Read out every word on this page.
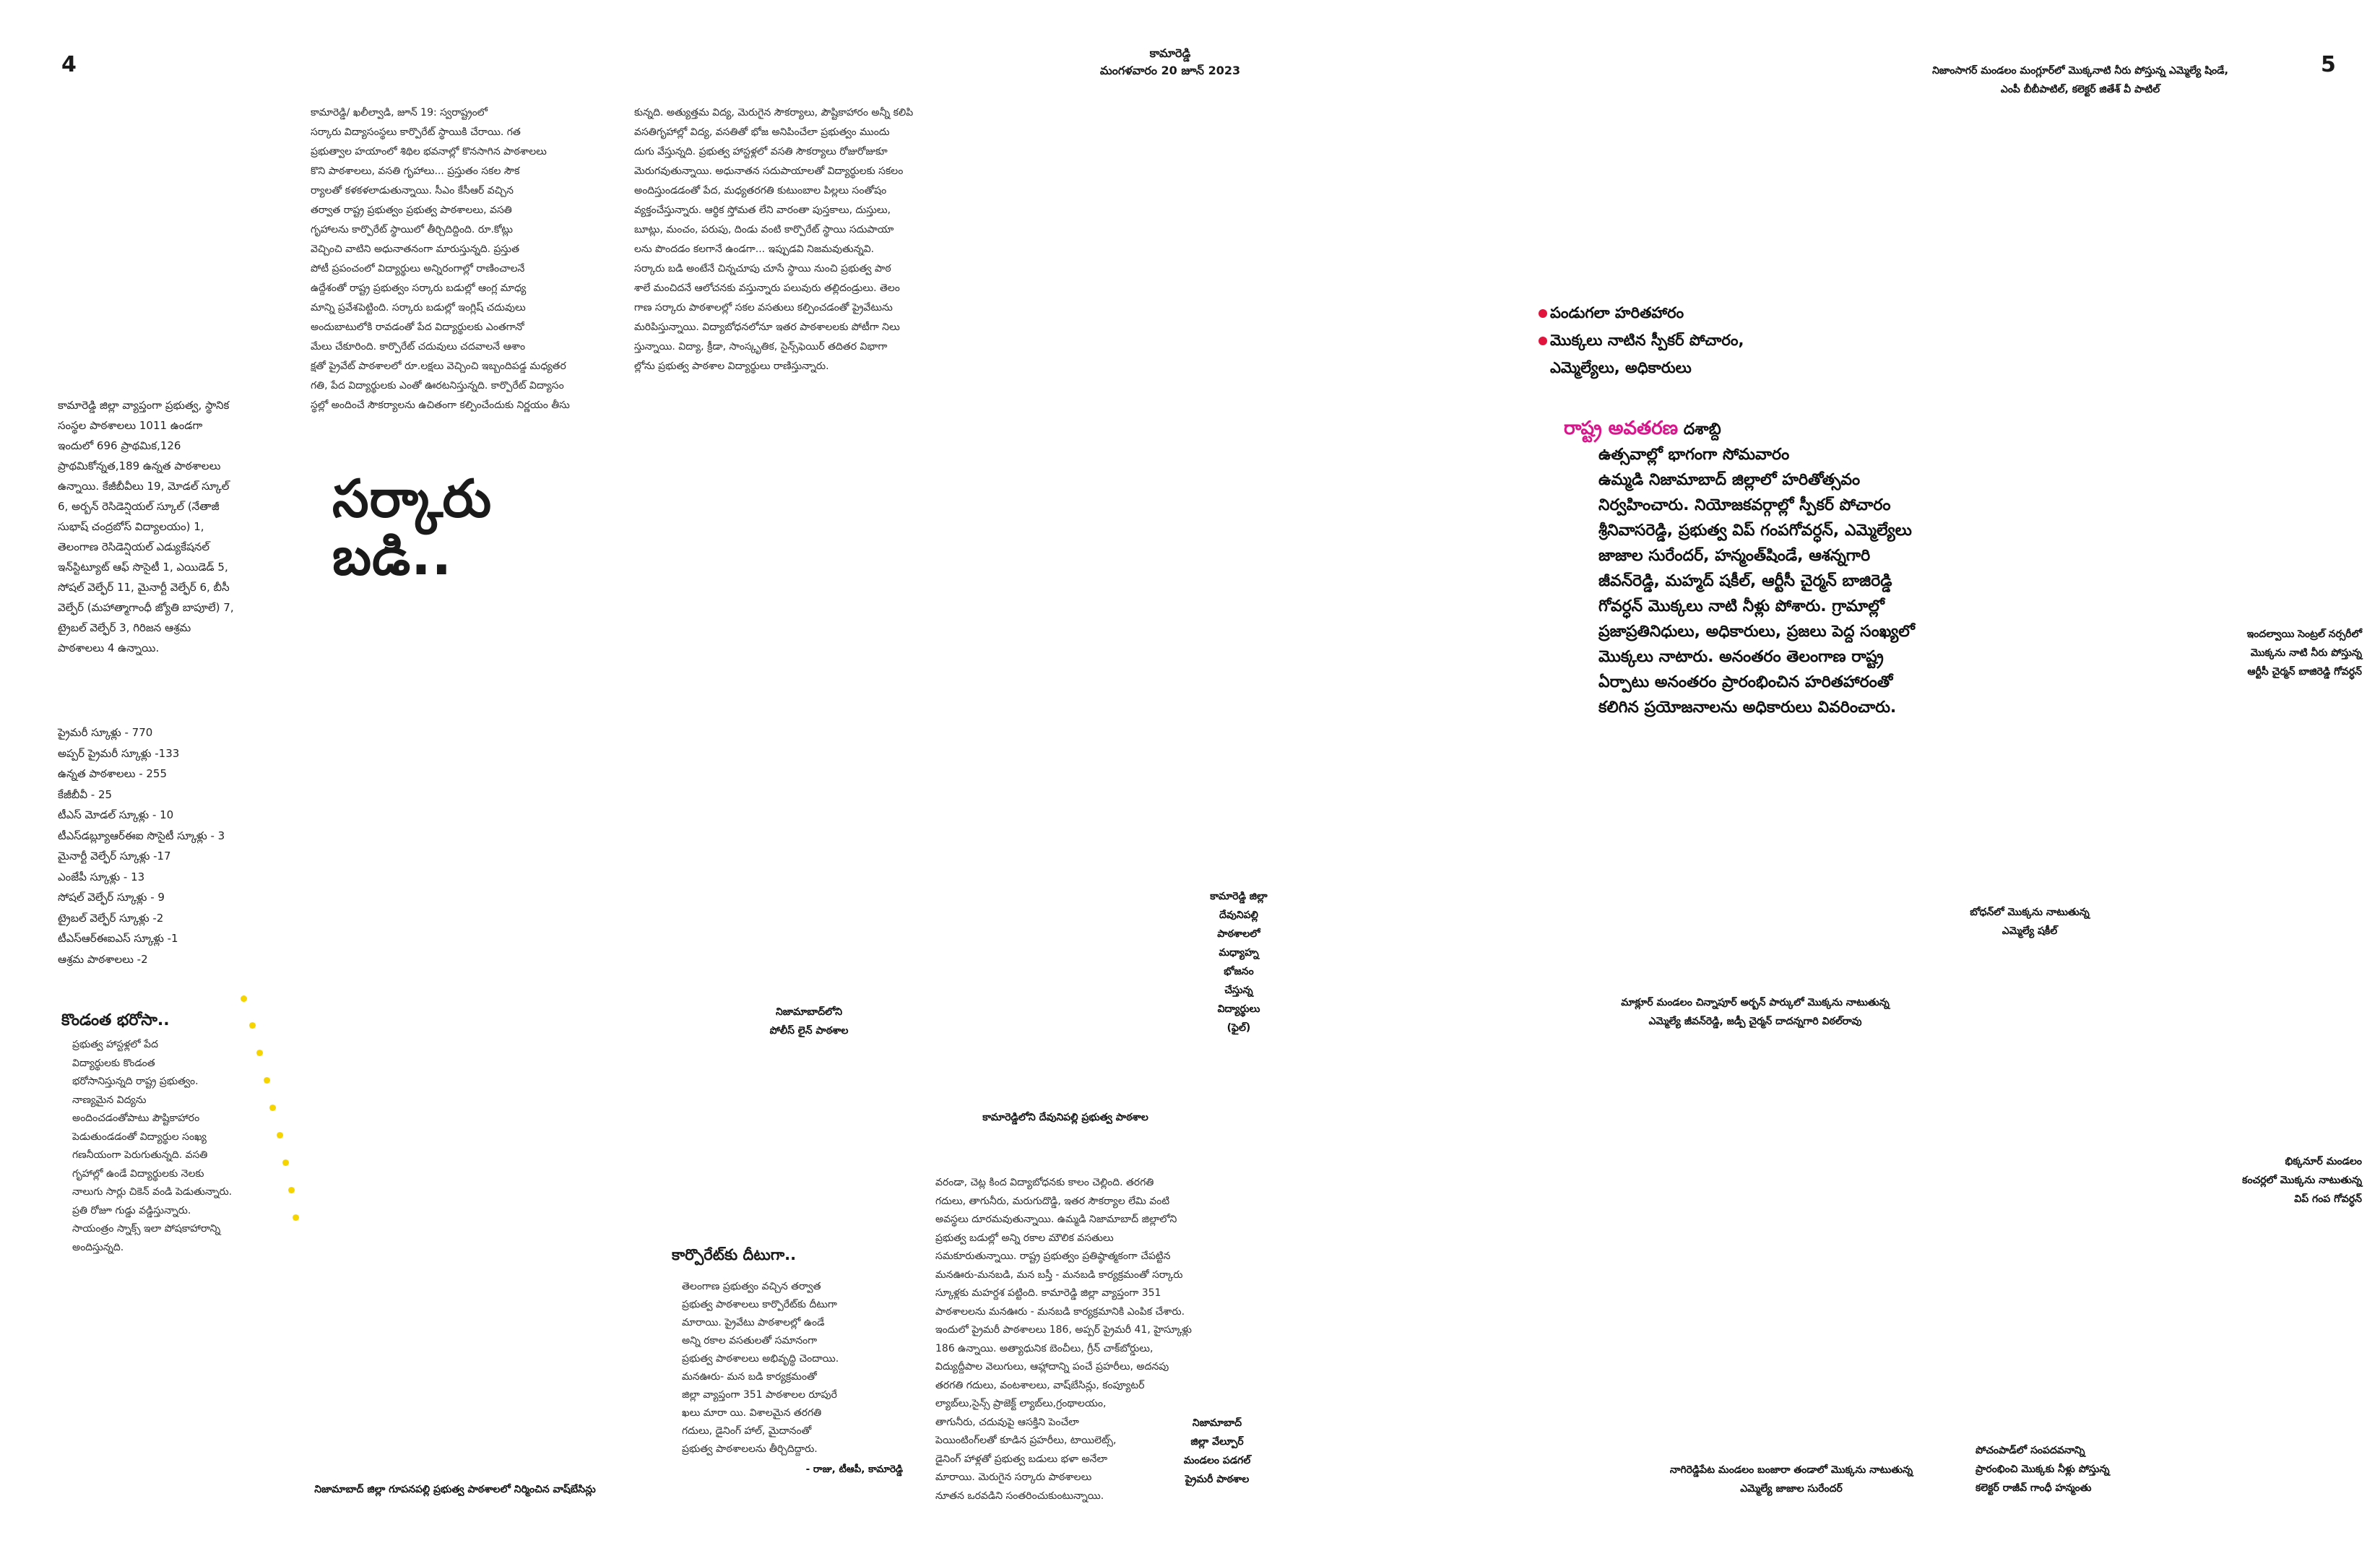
4	5
కామారెడ్డి
మంగళవారం 20 జూన్ 2023
కామారెడ్డి/ ఖలీల్వాడి, జూన్ 19: స్వరాష్ట్రంలో
సర్కారు విద్యాసంస్థలు కార్పొరేట్ స్థాయికి చేరాయి. గత
ప్రభుత్వాల హయాంలో శిథిల భవనాల్లో కొనసాగిన పాఠశాలలు
కొని పాఠశాలలు, వసతి గృహాలు... ప్రస్తుతం సకల సౌక
ర్యాలతో కళకళలాడుతున్నాయి. సీఎం కేసీఆర్ వచ్చిన
తర్వాత రాష్ట్ర ప్రభుత్వం ప్రభుత్వ పాఠశాలలు, వసతి
గృహాలను కార్పొరేట్ స్థాయిలో తీర్చిదిద్దింది. రూ.కోట్లు
వెచ్చించి వాటిని అధునాతనంగా మారుస్తున్నది. ప్రస్తుత
పోటీ ప్రపంచంలో విద్యార్థులు అన్నిరంగాల్లో రాణించాలనే
ఉద్దేశంతో రాష్ట్ర ప్రభుత్వం సర్కారు బడుల్లో ఆంగ్ల మాధ్య
మాన్ని ప్రవేశపెట్టింది. సర్కారు బడుల్లో ఇంగ్లిష్ చదువులు
అందుబాటులోకి రావడంతో పేద విద్యార్థులకు ఎంతగానో
మేలు చేకూరింది. కార్పొరేట్ చదువులు చదవాలనే ఆశాం
క్షతో ప్రైవేట్ పాఠశాలలో రూ.లక్షలు వెచ్చించి ఇబ్బందిపడ్డ మధ్యతర
గతి, పేద విద్యార్థులకు ఎంతో ఊరటనిస్తున్నది. కార్పొరేట్ విద్యాసం
స్థల్లో అందించే సౌకర్యాలను ఉచితంగా కల్పించేందుకు నిర్ణయం తీసు
కున్నది. అత్యుత్తమ విద్య, మెరుగైన సౌకర్యాలు, పౌష్టికాహారం అన్నీ కలిపి
వసతిగృహాల్లో విద్య, వసతితో భోజ అనిపించేలా ప్రభుత్వం ముందు
దుగు వేస్తున్నది. ప్రభుత్వ హాస్టళ్లలో వసతి సౌకర్యాలు రోజురోజుకూ
మెరుగవుతున్నాయి. అధునాతన సదుపాయాలతో విద్యార్థులకు సకలం
అందిస్తుండడంతో పేద, మధ్యతరగతి కుటుంబాల పిల్లలు సంతోషం
వ్యక్తంచేస్తున్నారు. ఆర్థిక స్తోమత లేని వారంతా పుస్తకాలు, దుస్తులు,
బూట్లు, మంచం, పరుపు, దిండు వంటి కార్పొరేట్ స్థాయి సదుపాయా
లను పొందడం కలగానే ఉండగా... ఇప్పుడవి నిజమవుతున్నవి.
సర్కారు బడి అంటేనే చిన్నచూపు చూసే స్థాయి నుంచి ప్రభుత్వ పాఠ
శాలే మంచిదనే ఆలోచనకు వస్తున్నారు పలువురు తల్లిదండ్రులు. తెలం
గాణ సర్కారు పాఠశాలల్లో సకల వసతులు కల్పించడంతో ప్రైవేటును
మరిపిస్తున్నాయి. విద్యాబోధనలోనూ ఇతర పాఠశాలలకు పోటీగా నిలు
స్తున్నాయి. విద్యా, క్రీడా, సాంస్కృతిక, సైన్స్‌ఫెయిర్ తదితర విభాగా
ల్లోను ప్రభుత్వ పాఠశాల విద్యార్థులు రాణిస్తున్నారు.
సర్కారు
బడి..
కామారెడ్డి జిల్లా వ్యాప్తంగా ప్రభుత్వ, స్థానిక
సంస్థల పాఠశాలలు 1011 ఉండగా
ఇందులో 696 ప్రాథమిక,126
ప్రాథమికోన్నత,189 ఉన్నత పాఠశాలలు
ఉన్నాయి. కేజీబీవీలు 19, మోడల్ స్కూల్
6, అర్బన్ రెసిడెన్షియల్ స్కూల్ (నేతాజీ
సుభాష్ చంద్రబోస్ విద్యాలయం) 1,
తెలంగాణ రెసిడెన్షియల్ ఎడ్యుకేషనల్
ఇన్‌స్టిట్యూట్ ఆఫ్ సొసైటీ 1, ఎయిడెడ్ 5,
సోషల్ వెల్ఫేర్ 11, మైనార్టీ వెల్ఫేర్ 6, బీసీ
వెల్ఫేర్ (మహాత్మాగాంధీ జ్యోతి బాపూలే) 7,
ట్రైబల్ వెల్ఫేర్ 3, గిరిజన ఆశ్రమ
పాఠశాలలు 4 ఉన్నాయి.
ప్రైమరీ స్కూళ్లు - 770
అప్పర్ ప్రైమరీ స్కూళ్లు -133
ఉన్నత పాఠశాలలు - 255
కేజీబీవీ - 25
టీఎస్ మోడల్ స్కూళ్లు - 10
టీఎస్‌డబ్ల్యూఆర్‌ఈఐ సొసైటీ స్కూళ్లు - 3
మైనార్టీ వెల్ఫేర్ స్కూళ్లు -17
ఎంజేపీ స్కూళ్లు - 13
సోషల్ వెల్ఫేర్ స్కూళ్లు - 9
ట్రైబల్ వెల్ఫేర్ స్కూళ్లు -2
టీఎస్‌ఆర్‌ఈఐఎస్ స్కూళ్లు -1
ఆశ్రమ పాఠశాలలు -2
కొండంత భరోసా..
ప్రభుత్వ హాస్టళ్లలో పేద
విద్యార్థులకు కొండంత
భరోసానిస్తున్నది రాష్ట్ర ప్రభుత్వం.
నాణ్యమైన విద్యను
అందించడంతోపాటు పౌష్టికాహారం
పెడుతుండడంతో విద్యార్థుల సంఖ్య
గణనీయంగా పెరుగుతున్నది. వసతి
గృహాల్లో ఉండే విద్యార్థులకు నెలకు
నాలుగు సార్లు చికెన్ వండి పెడుతున్నారు.
ప్రతి రోజూ గుడ్డు వడ్డిస్తున్నారు.
సాయంత్రం స్నాక్స్ ఇలా పోషకాహారాన్ని
అందిస్తున్నది.	కార్పొరేట్‌కు దీటుగా..
తెలంగాణ ప్రభుత్వం వచ్చిన తర్వాత
ప్రభుత్వ పాఠశాలలు కార్పొరేట్‌కు దీటుగా
మారాయి. ప్రైవేటు పాఠశాలల్లో ఉండే
అన్ని రకాల వసతులతో సమానంగా
ప్రభుత్వ పాఠశాలలు అభివృద్ధి చెందాయి.
మనఊరు- మన బడి కార్యక్రమంతో
జిల్లా వ్యాప్తంగా 351 పాఠశాలల రూపురే
ఖలు మారా యి. విశాలమైన తరగతి
గదులు, డైనింగ్ హాల్, మైదానంతో
ప్రభుత్వ పాఠశాలలను తీర్చిదిద్దారు.
- రాజు, టీఆపీ, కామారెడ్డి
వరండా, చెట్ల కింద విద్యాబోధనకు కాలం చెల్లింది. తరగతి
గదులు, తాగునీరు, మరుగుదొడ్డి, ఇతర సౌకర్యాల లేమి వంటి
అవస్థలు దూరమవుతున్నాయి. ఉమ్మడి నిజామాబాద్ జిల్లాలోని
ప్రభుత్వ బడుల్లో అన్ని రకాల మౌలిక వసతులు
సమకూరుతున్నాయి. రాష్ట్ర ప్రభుత్వం ప్రతిష్ఠాత్మకంగా చేపట్టిన
మనఊరు-మనబడి, మన బస్తీ - మనబడి కార్యక్రమంతో సర్కారు
స్కూళ్లకు మహర్దశ పట్టింది. కామారెడ్డి జిల్లా వ్యాప్తంగా 351
పాఠశాలలను మనఊరు - మనబడి కార్యక్రమానికి ఎంపిక చేశారు.
ఇందులో ప్రైమరీ పాఠశాలలు 186, అప్పర్ ప్రైమరీ 41, హైస్కూళ్లు
186 ఉన్నాయి. అత్యాధునిక బెంచీలు, గ్రీన్ చాక్‌బోర్డులు,
విద్యుద్దీపాల వెలుగులు, ఆహ్లాదాన్ని పంచే ప్రహరీలు, అదనపు
తరగతి గదులు, వంటశాలలు, వాష్‌బేసిన్లు, కంప్యూటర్
ల్యాబ్‌లు,సైన్స్ ప్రాజెక్ట్ ల్యాబ్‌లు,గ్రంథాలయం,
తాగునీరు, చదువుపై ఆసక్తిని పెంచేలా
పెయింటింగ్‌లతో కూడిన ప్రహరీలు, టాయిలెట్స్,
డైనింగ్ హాళ్లతో ప్రభుత్వ బడులు భళా అనేలా
మారాయి. మెరుగైన సర్కారు పాఠశాలలు
నూతన ఒరవడిని సంతరించుకుంటున్నాయి.
నిజామాబాద్‌లోని
పోలీస్ లైన్ పాఠశాల
కామారెడ్డి జిల్లా
దేవునిపల్లి
పాఠశాలలో
మధ్యాహ్న
భోజనం
చేస్తున్న
విద్యార్థులు
(ఫైల్)
కామారెడ్డిలోని దేవునిపల్లి ప్రభుత్వ పాఠశాల
నిజామాబాద్ జిల్లా గూపనపల్లి ప్రభుత్వ పాఠశాలలో నిర్మించిన వాష్‌బేసిన్లు
నిజామాబాద్
జిల్లా వేల్పూర్
మండలం పడగల్
ప్రైమరీ పాఠశాల
నిజాంసాగర్ మండలం మంగ్లూర్‌లో మొక్కనాటి నీరు పోస్తున్న ఎమ్మెల్యే షిండే,
ఎంపీ బీబీపాటిల్, కలెక్టర్ జితేశ్ వీ పాటిల్
పండుగలా హరితహారం
మొక్కలు నాటిన స్పీకర్ పోచారం,
ఎమ్మెల్యేలు, అధికారులు
రాష్ట్ర అవతరణ దశాబ్ది
ఉత్సవాల్లో భాగంగా సోమవారం
ఉమ్మడి నిజామాబాద్ జిల్లాలో హరితోత్సవం
నిర్వహించారు. నియోజకవర్గాల్లో స్పీకర్ పోచారం
శ్రీనివాసరెడ్డి, ప్రభుత్వ విప్ గంపగోవర్ధన్, ఎమ్మెల్యేలు
జాజాల సురేందర్, హన్మంత్‌షిండే, ఆశన్నగారి
జీవన్‌రెడ్డి, మహ్మద్ షకీల్, ఆర్టీసీ చైర్మన్ బాజిరెడ్డి
గోవర్ధన్ మొక్కలు నాటి నీళ్లు పోశారు. గ్రామాల్లో
ప్రజాప్రతినిధులు, అధికారులు, ప్రజలు పెద్ద సంఖ్యలో
మొక్కలు నాటారు. అనంతరం తెలంగాణ రాష్ట్ర
ఏర్పాటు అనంతరం ప్రారంభించిన హరితహారంతో
కలిగిన ప్రయోజనాలను అధికారులు వివరించారు.
ఇందల్వాయి సెంట్రల్ నర్సరీలో
మొక్కను నాటి నీరు పోస్తున్న
ఆర్టీసీ చైర్మన్ బాజిరెడ్డి గోవర్ధన్
బోధన్‌లో మొక్కను నాటుతున్న
ఎమ్మెల్యే షకీల్
మాక్లూర్ మండలం చిన్నాపూర్ అర్బన్ పార్కులో మొక్కను నాటుతున్న
ఎమ్మెల్యే జీవన్‌రెడ్డి, జడ్పీ చైర్మన్ దాదన్నగారి విఠల్‌రావు
భిక్కనూర్ మండలం
కంచర్లలో మొక్కను నాటుతున్న
విప్ గంప గోవర్ధన్
నాగిరెడ్డిపేట మండలం బంజారా తండాలో మొక్కను నాటుతున్న
ఎమ్మెల్యే జాజాల సురేందర్
పోచంపాడ్‌లో సంపదవనాన్ని
ప్రారంభించి మొక్కకు నీళ్లు పోస్తున్న
కలెక్టర్ రాజీవ్ గాంధీ హన్మంతు
